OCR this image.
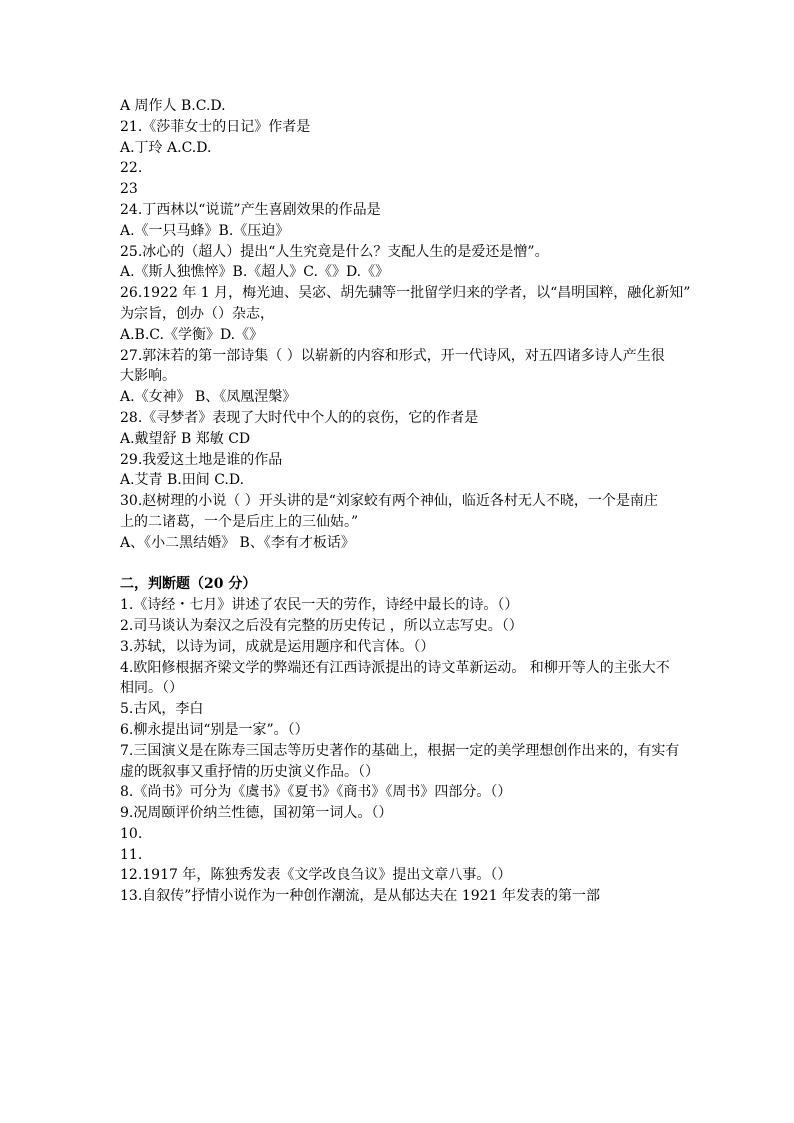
A 周作人 B.C.D.
21.《莎菲女士的日记》作者是
A.丁玲 A.C.D.
22.
23
24.丁西林以“说谎”产生喜剧效果的作品是
A.《一只马蜂》B.《压迫》
25.冰心的（超人）提出“人生究竟是什么？支配人生的是爱还是憎”。
A.《斯人独憔悴》B.《超人》C.《》D.《》
26.1922 年 1 月，梅光迪、吴宓、胡先骕等一批留学归来的学者，以“昌明国粹，融化新知”
为宗旨，创办（）杂志，
A.B.C.《学衡》D.《》
27.郭沫若的第一部诗集（ ）以崭新的内容和形式，开一代诗风，对五四诸多诗人产生很
大影响。
A.《女神》 B、《凤凰涅槃》
28.《寻梦者》表现了大时代中个人的的哀伤，它的作者是
A.戴望舒 B 郑敏 CD
29.我爱这土地是谁的作品
A.艾青 B.田间 C.D.
30.赵树理的小说（ ）开头讲的是“刘家蛟有两个神仙，临近各村无人不晓，一个是南庄
上的二诸葛，一个是后庄上的三仙姑。”
A、《小二黑结婚》 B、《李有才板话》
二，判断题（20 分）
1.《诗经・七月》讲述了农民一天的劳作，诗经中最长的诗。（）
2.司马谈认为秦汉之后没有完整的历史传记 ，所以立志写史。（）
3.苏轼，以诗为词，成就是运用题序和代言体。（）
4.欧阳修根据齐梁文学的弊端还有江西诗派提出的诗文革新运动。 和柳开等人的主张大不
相同。（）
5.古风，李白
6.柳永提出词“别是一家”。（）
7.三国演义是在陈寿三国志等历史著作的基础上，根据一定的美学理想创作出来的，有实有
虚的既叙事又重抒情的历史演义作品。（）
8.《尚书》可分为《虞书》《夏书》《商书》《周书》四部分。（）
9.况周颐评价纳兰性德，国初第一词人。（）
10.
11.
12.1917 年，陈独秀发表《文学改良刍议》提出文章八事。（）
13.自叙传”抒情小说作为一种创作潮流，是从郁达夫在 1921 年发表的第一部
